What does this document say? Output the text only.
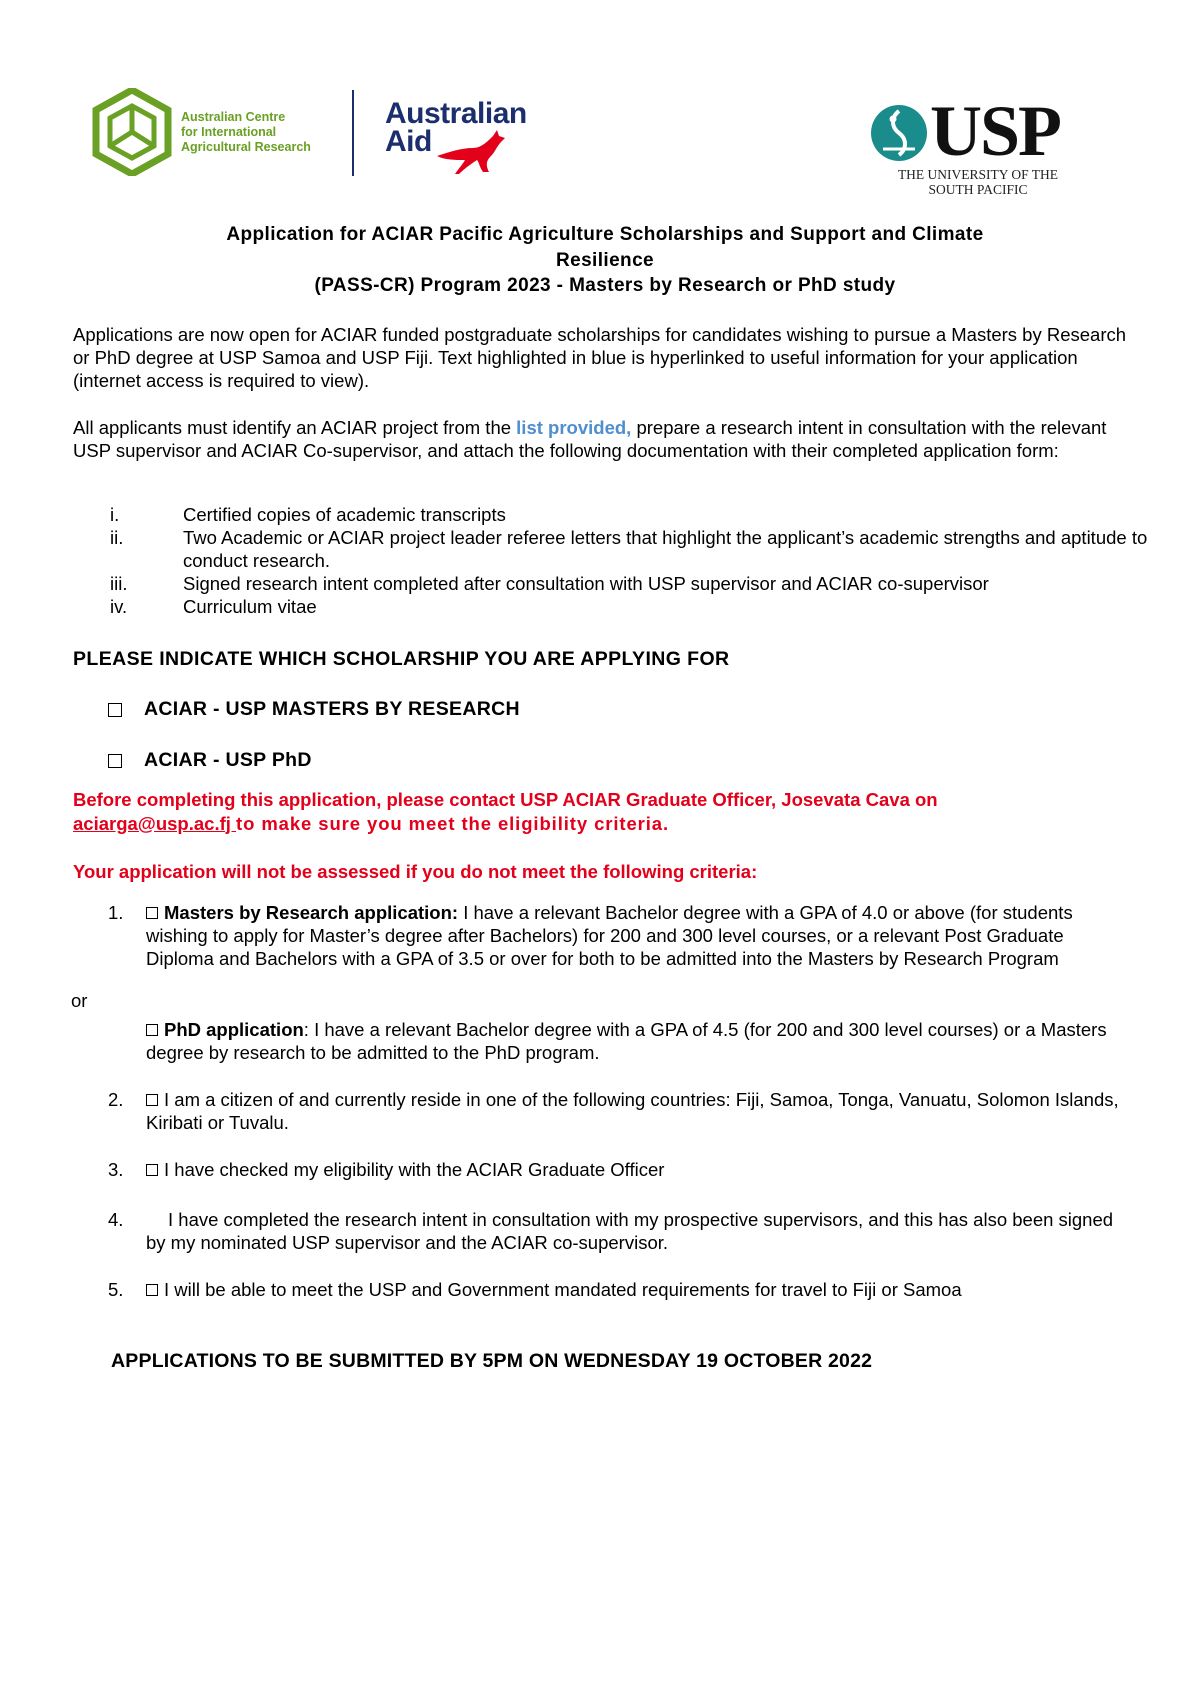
Australian Centre
for International
Agricultural Research
Australian
Aid	USP
THE UNIVERSITY OF THE
SOUTH PACIFIC
Application for ACIAR Pacific Agriculture Scholarships and Support and Climate
Resilience
(PASS-CR) Program 2023 - Masters by Research or PhD study
Applications are now open for ACIAR funded postgraduate scholarships for candidates wishing to pursue a Masters by Research or PhD degree at USP Samoa and USP Fiji. Text highlighted in blue is hyperlinked to useful information for your application (internet access is required to view).
All applicants must identify an ACIAR project from the list provided, prepare a research intent in consultation with the relevant USP supervisor and ACIAR Co-supervisor, and attach the following documentation with their completed application form:
i.	Certified copies of academic transcripts
ii.	Two Academic or ACIAR project leader referee letters that highlight the applicant’s academic strengths and aptitude to conduct research.
iii.	Signed research intent completed after consultation with USP supervisor and ACIAR co-supervisor
iv.	Curriculum vitae
PLEASE INDICATE WHICH SCHOLARSHIP YOU ARE APPLYING FOR
ACIAR - USP MASTERS BY RESEARCH
ACIAR - USP PhD
Before completing this application, please contact USP ACIAR Graduate Officer, Josevata Cava on
aciarga@usp.ac.fj to make sure you meet the eligibility criteria.
Your application will not be assessed if you do not meet the following criteria:
1.	Masters by Research application: I have a relevant Bachelor degree with a GPA of 4.0 or above (for students wishing to apply for Master’s degree after Bachelors) for 200 and 300 level courses, or a relevant Post Graduate Diploma and Bachelors with a GPA of 3.5 or over for both to be admitted into the Masters by Research Program
or
PhD application: I have a relevant Bachelor degree with a GPA of 4.5 (for 200 and 300 level courses) or a Masters degree by research to be admitted to the PhD program.
2.	I am a citizen of and currently reside in one of the following countries: Fiji, Samoa, Tonga, Vanuatu, Solomon Islands, Kiribati or Tuvalu.
3.	I have checked my eligibility with the ACIAR Graduate Officer
4.	I have completed the research intent in consultation with my prospective supervisors, and this has also been signed by my nominated USP supervisor and the ACIAR co-supervisor.
5.	I will be able to meet the USP and Government mandated requirements for travel to Fiji or Samoa
APPLICATIONS TO BE SUBMITTED BY 5PM ON WEDNESDAY 19 OCTOBER 2022
